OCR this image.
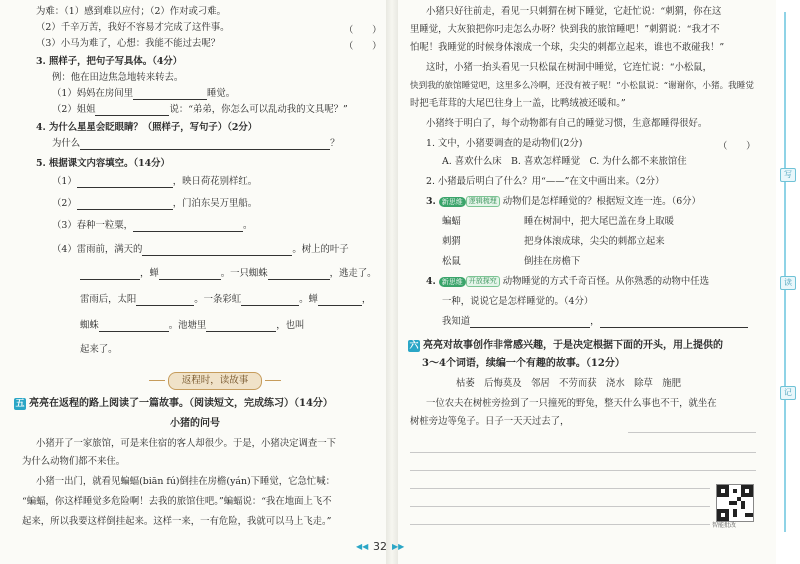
为难：（1）感到难以应付；（2）作对或刁难。
（2）千辛万苦，我好不容易才完成了这件事。	（　　）
（3）小马为难了，心想：我能不能过去呢？	（　　）
3. 照样子，把句子写具体。（4分）
例：他在田边焦急地转来转去。
（1）妈妈在房间里	睡觉。
（2）姐姐	说：“弟弟，你怎么可以乱动我的文具呢？”
4. 为什么星星会眨眼睛？（照样子，写句子）（2分）
为什么	？
5. 根据课文内容填空。（14分）
（1）	，映日荷花别样红。
（2）	，门泊东吴万里船。
（3）春种一粒粟，	。
（4）雷雨前，满天的	。树上的叶子
，蝉	。一只蜘蛛	，逃走了。
雷雨后，太阳	。一条彩虹	。蝉	，
蜘蛛	。池塘里	，也叫
起来了。
返程时，读故事
五 亮亮在返程的路上阅读了一篇故事。（阅读短文，完成练习）（14分）
小猪的问号
小猪开了一家旅馆，可是来住宿的客人却很少。于是，小猪决定调查一下
为什么动物们都不来住。
小猪一出门，就看见蝙蝠(biān fú)倒挂在房檐(yán)下睡觉，它急忙喊：
“蝙蝠，你这样睡觉多危险啊！去我的旅馆住吧。”蝙蝠说：“我在地面上飞不
起来，所以我要这样倒挂起来。这样一来，一有危险，我就可以马上飞走。”
小猪只好往前走，看见一只刺猬在树下睡觉，它赶忙说：“刺猬，你在这
里睡觉，大灰狼把你叼走怎么办呀？快到我的旅馆睡吧！”刺猬说：“我才不
怕呢！我睡觉的时候身体滚成一个球，尖尖的刺都立起来，谁也不敢碰我！”
这时，小猪一抬头看见一只松鼠在树洞中睡觉，它连忙说：“小松鼠，
快到我的旅馆睡觉吧，这里多么冷啊，还没有被子呢！”小松鼠说：“谢谢你，小猪。我睡觉
时把毛茸茸的大尾巴往身上一盖，比鸭绒被还暖和。”
小猪终于明白了，每个动物都有自己的睡觉习惯，生意都睡得很好。
1. 文中，小猪要调查的是动物们(2分)	（　　）
A. 喜欢什么床　B. 喜欢怎样睡觉　C. 为什么都不来旅馆住
2. 小猪最后明白了什么？用“——”在文中画出来。（2分）
3. 新思维 逻辑梳理 动物们是怎样睡觉的？根据短文连一连。（6分）
蝙蝠	睡在树洞中，把大尾巴盖在身上取暖
刺猬	把身体滚成球，尖尖的刺都立起来
松鼠	倒挂在房檐下
4. 新思维 开放探究 动物睡觉的方式千奇百怪。从你熟悉的动物中任选
一种，说说它是怎样睡觉的。（4分）
我知道	，
六 亮亮对故事创作非常感兴趣，于是决定根据下面的开头，用上提供的
3～4个词语，续编一个有趣的故事。（12分）
枯萎　后悔莫及　邻居　不劳而获　浇水　除草　施肥
一位农夫在树桩旁捡到了一只撞死的野兔，整天什么事也不干，就坐在
树桩旁边等兔子。日子一天天过去了，
智能批改
写
读
记
◀◀ 32 ▶▶
